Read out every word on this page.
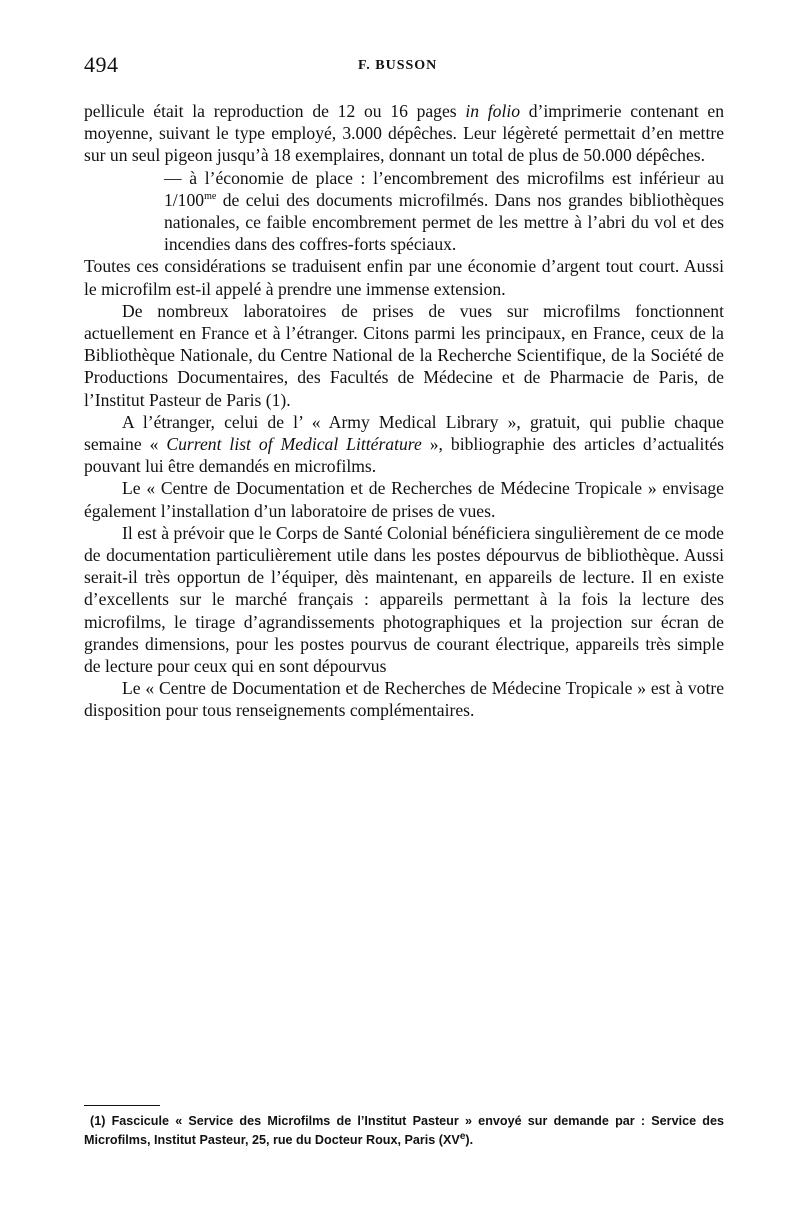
494	F. BUSSON

pellicule était la reproduction de 12 ou 16 pages in folio d’imprimerie contenant en moyenne, suivant le type employé, 3.000 dépêches. Leur légèreté permettait d’en mettre sur un seul pigeon jusqu’à 18 exemplaires, donnant un total de plus de 50.000 dépêches.

— à l’économie de place : l’encombrement des microfilms est inférieur au $1/100^{me}$ de celui des documents microfilmés. Dans nos grandes bibliothèques nationales, ce faible encombrement permet de les mettre à l’abri du vol et des incendies dans des coffres-forts spéciaux.

Toutes ces considérations se traduisent enfin par une économie d’argent tout court. Aussi le microfilm est-il appelé à prendre une immense extension.

De nombreux laboratoires de prises de vues sur microfilms fonctionnent actuellement en France et à l’étranger. Citons parmi les principaux, en France, ceux de la Bibliothèque Nationale, du Centre National de la Recherche Scientifique, de la Société de Productions Documentaires, des Facultés de Médecine et de Pharmacie de Paris, de l’Institut Pasteur de Paris (1).

A l’étranger, celui de l’ « Army Medical Library », gratuit, qui publie chaque semaine « Current list of Medical Littérature », bibliographie des articles d’actualités pouvant lui être demandés en microfilms.

Le « Centre de Documentation et de Recherches de Médecine Tropicale » envisage également l’installation d’un laboratoire de prises de vues.

Il est à prévoir que le Corps de Santé Colonial bénéficiera singulièrement de ce mode de documentation particulièrement utile dans les postes dépourvus de bibliothèque. Aussi serait-il très opportun de l’équiper, dès maintenant, en appareils de lecture. Il en existe d’excellents sur le marché français : appareils permettant à la fois la lecture des microfilms, le tirage d’agrandissements photographiques et la projection sur écran de grandes dimensions, pour les postes pourvus de courant électrique, appareils très simple de lecture pour ceux qui en sont dépourvus

Le « Centre de Documentation et de Recherches de Médecine Tropicale » est à votre disposition pour tous renseignements complémentaires.

(1) Fascicule « Service des Microfilms de l’Institut Pasteur » envoyé sur demande par : Service des Microfilms, Institut Pasteur, 25, rue du Docteur Roux, Paris (XVe).
